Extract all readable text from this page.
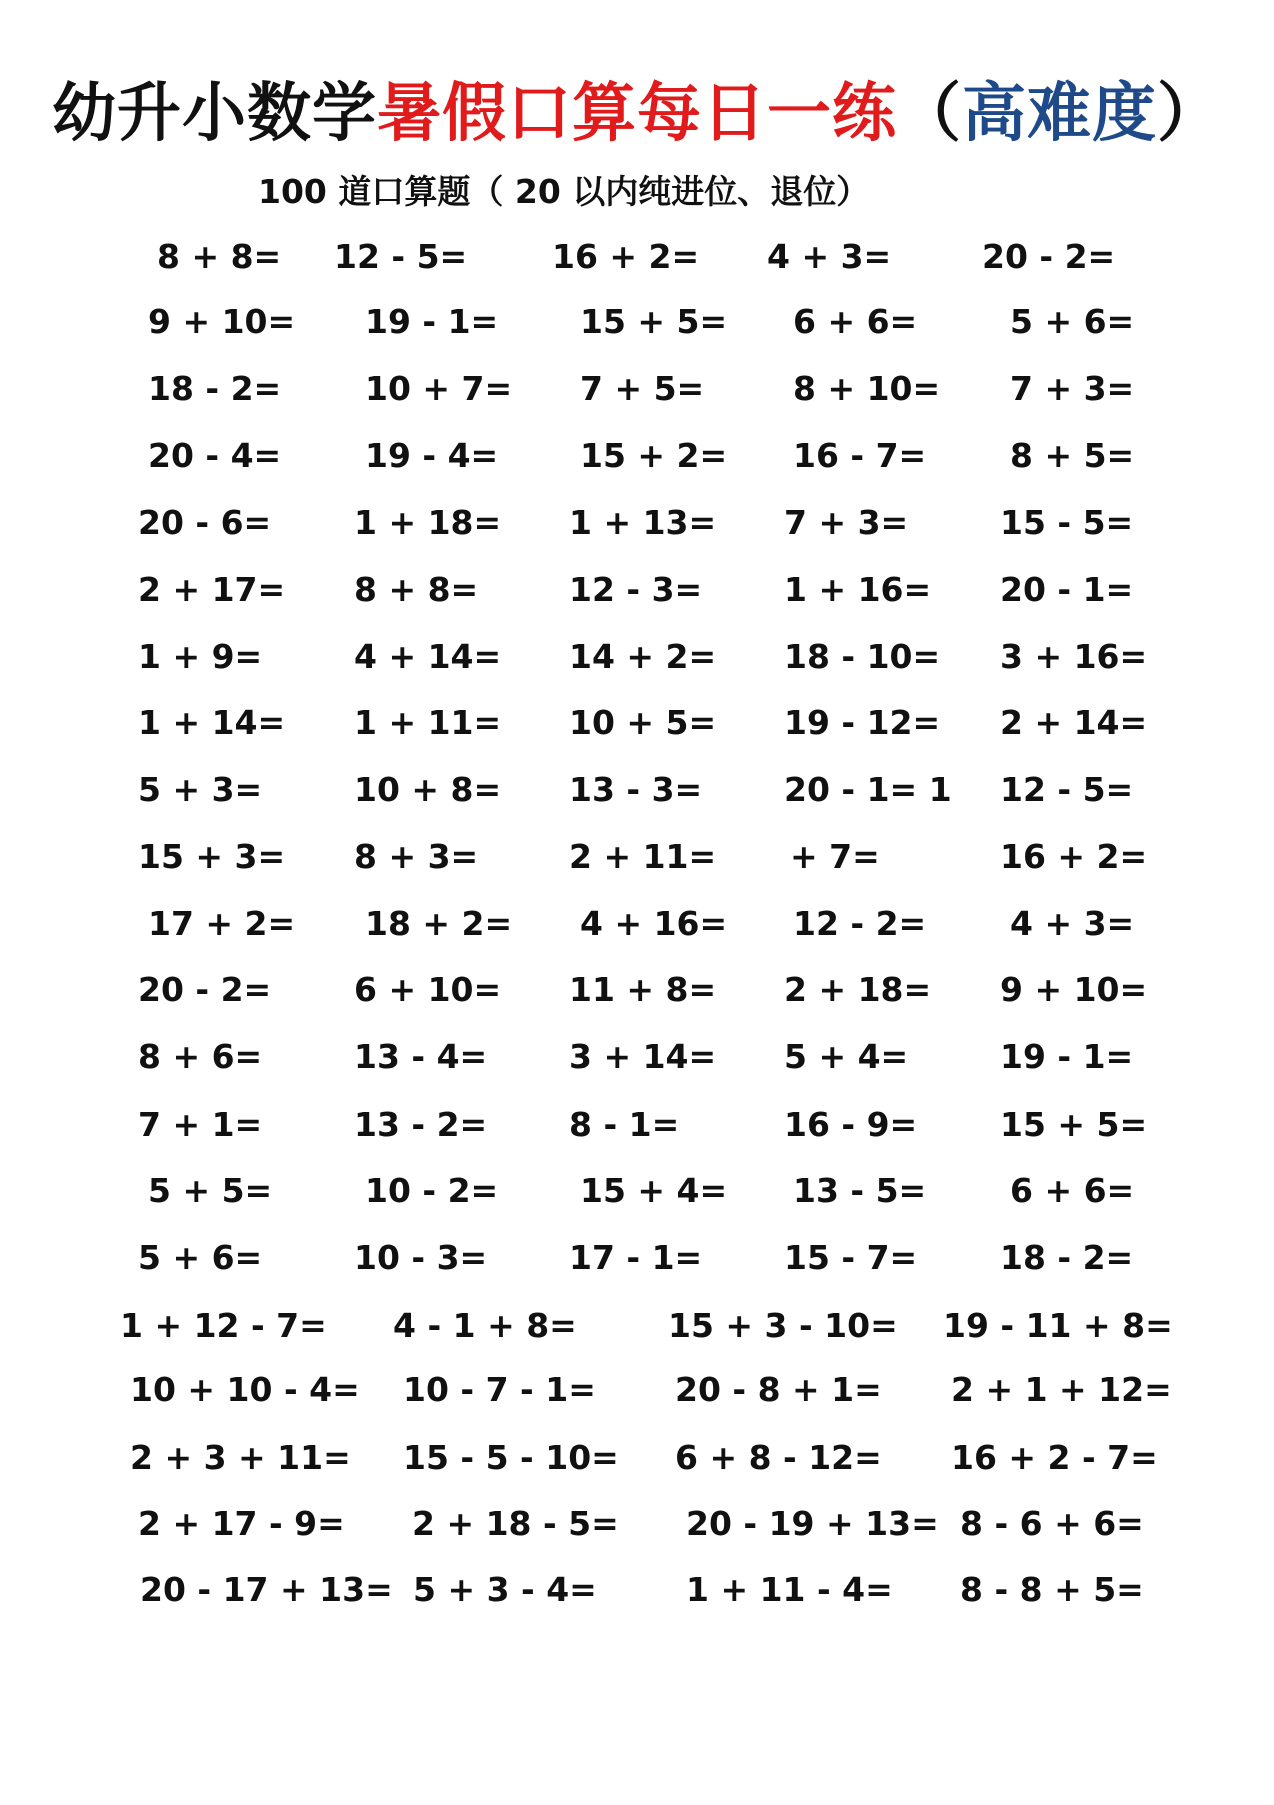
幼升小数学暑假口算每日一练（高难度）
100 道口算题（ 20 以内纯进位、退位）
8 + 8= 12 - 5=	16 + 2= 4 + 3=	20 - 2=
9 + 10= 19 - 1= 15 + 5= 6 + 6=	5 + 6=
18 - 2=	10 + 7= 7 + 5=	8 + 10= 7 + 3=
20 - 4=	19 - 4= 15 + 2= 16 - 7=	8 + 5=
20 - 6=	1 + 18= 1 + 13= 7 + 3=	15 - 5=
2 + 17= 8 + 8=	12 - 3= 1 + 16= 20 - 1=
1 + 9=	4 + 14= 14 + 2= 18 - 10= 3 + 16=
1 + 14= 1 + 11= 10 + 5= 19 - 12= 2 + 14=
5 + 3=	10 + 8= 13 - 3= 20 - 1= 1 12 - 5=
15 + 3= 8 + 3=	2 + 11= + 7=	16 + 2=
17 + 2= 18 + 2= 4 + 16= 12 - 2=	4 + 3=
20 - 2=	6 + 10= 11 + 8= 2 + 18= 9 + 10=
8 + 6=	13 - 4= 3 + 14= 5 + 4=	19 - 1=
7 + 1=	13 - 2= 8 - 1=	16 - 9=	15 + 5=
5 + 5=	10 - 2= 15 + 4= 13 - 5=	6 + 6=
5 + 6=	10 - 3= 17 - 1= 15 - 7=	18 - 2=
1 + 12 - 7= 4 - 1 + 8=	15 + 3 - 10= 19 - 11 + 8=
10 + 10 - 4= 10 - 7 - 1= 20 - 8 + 1= 2 + 1 + 12=
2 + 3 + 11= 15 - 5 - 10= 6 + 8 - 12= 16 + 2 - 7=
2 + 17 - 9= 2 + 18 - 5= 20 - 19 + 13= 8 - 6 + 6=
20 - 17 + 13= 5 + 3 - 4=	1 + 11 - 4= 8 - 8 + 5=
